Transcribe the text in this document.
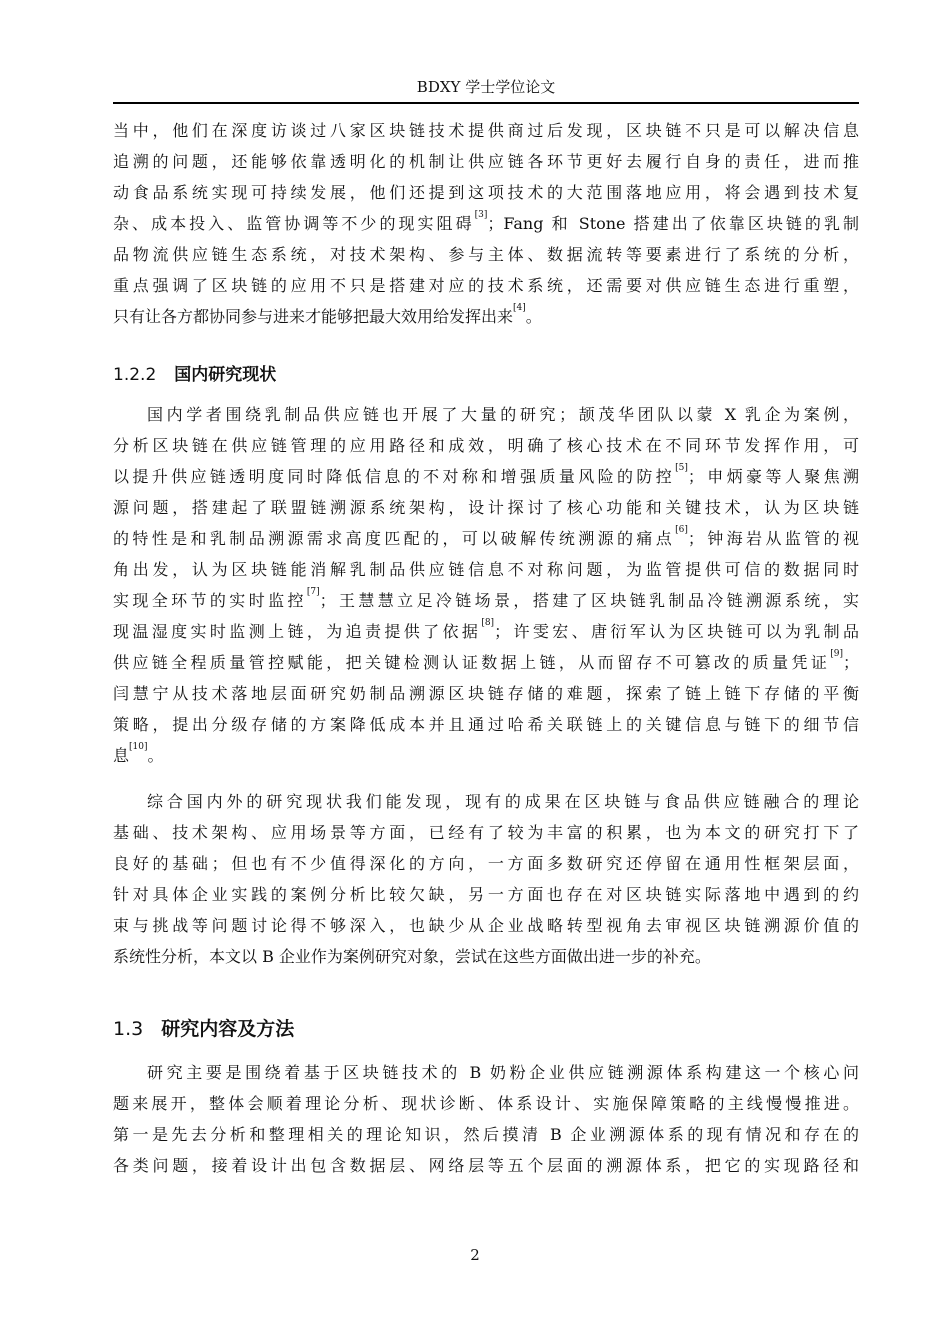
BDXY 学士学位论文
当中，他们在深度访谈过八家区块链技术提供商过后发现，区块链不只是可以解决信息
追溯的问题，还能够依靠透明化的机制让供应链各环节更好去履行自身的责任，进而推
动食品系统实现可持续发展，他们还提到这项技术的大范围落地应用，将会遇到技术复
杂、成本投入、监管协调等不少的现实阻碍[3]；Fang 和 Stone 搭建出了依靠区块链的乳制
品物流供应链生态系统，对技术架构、参与主体、数据流转等要素进行了系统的分析，
重点强调了区块链的应用不只是搭建对应的技术系统，还需要对供应链生态进行重塑，
只有让各方都协同参与进来才能够把最大效用给发挥出来[4]。
1.2.2 国内研究现状
国内学者围绕乳制品供应链也开展了大量的研究；颉茂华团队以蒙 X 乳企为案例，
分析区块链在供应链管理的应用路径和成效，明确了核心技术在不同环节发挥作用，可
以提升供应链透明度同时降低信息的不对称和增强质量风险的防控[5]；申炳豪等人聚焦溯
源问题，搭建起了联盟链溯源系统架构，设计探讨了核心功能和关键技术，认为区块链
的特性是和乳制品溯源需求高度匹配的，可以破解传统溯源的痛点[6]；钟海岩从监管的视
角出发，认为区块链能消解乳制品供应链信息不对称问题，为监管提供可信的数据同时
实现全环节的实时监控[7]；王慧慧立足冷链场景，搭建了区块链乳制品冷链溯源系统，实
现温湿度实时监测上链，为追责提供了依据[8]；许雯宏、唐衍军认为区块链可以为乳制品
供应链全程质量管控赋能，把关键检测认证数据上链，从而留存不可篡改的质量凭证[9]；
闫慧宁从技术落地层面研究奶制品溯源区块链存储的难题，探索了链上链下存储的平衡
策略，提出分级存储的方案降低成本并且通过哈希关联链上的关键信息与链下的细节信
息[10]。
综合国内外的研究现状我们能发现，现有的成果在区块链与食品供应链融合的理论
基础、技术架构、应用场景等方面，已经有了较为丰富的积累，也为本文的研究打下了
良好的基础；但也有不少值得深化的方向，一方面多数研究还停留在通用性框架层面，
针对具体企业实践的案例分析比较欠缺，另一方面也存在对区块链实际落地中遇到的约
束与挑战等问题讨论得不够深入，也缺少从企业战略转型视角去审视区块链溯源价值的
系统性分析，本文以 B 企业作为案例研究对象，尝试在这些方面做出进一步的补充。
1.3 研究内容及方法
研究主要是围绕着基于区块链技术的 B 奶粉企业供应链溯源体系构建这一个核心问
题来展开，整体会顺着理论分析、现状诊断、体系设计、实施保障策略的主线慢慢推进。
第一是先去分析和整理相关的理论知识，然后摸清 B 企业溯源体系的现有情况和存在的
各类问题，接着设计出包含数据层、网络层等五个层面的溯源体系，把它的实现路径和
2
